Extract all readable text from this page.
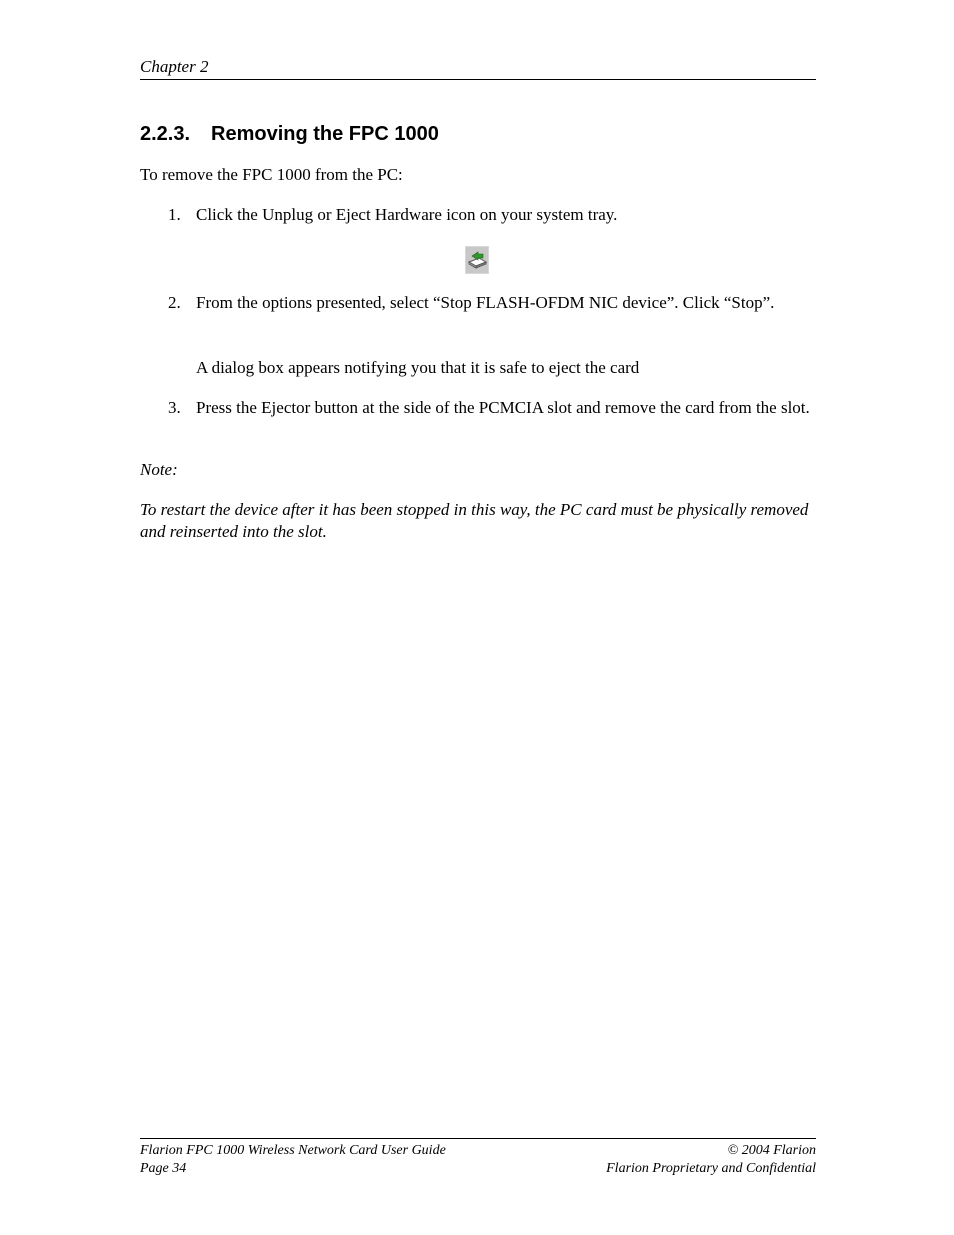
Chapter 2
2.2.3. Removing the FPC 1000

To remove the FPC 1000 from the PC:

1. Click the Unplug or Eject Hardware icon on your system tray.
2. From the options presented, select “Stop FLASH-OFDM NIC device”. Click “Stop”.
A dialog box appears notifying you that it is safe to eject the card
3. Press the Ejector button at the side of the PCMCIA slot and remove the card from the slot.
Note:
To restart the device after it has been stopped in this way, the PC card must be physically removed and reinserted into the slot.
Flarion FPC 1000 Wireless Network Card User Guide	© 2004 Flarion
Page 34	Flarion Proprietary and Confidential
